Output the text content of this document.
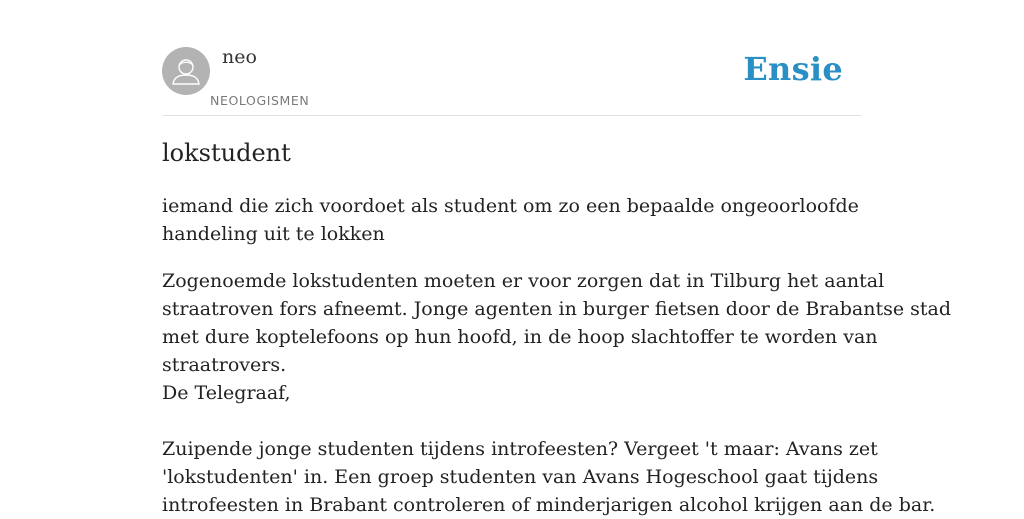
neo
NEOLOGISMEN
Ensie
lokstudent

iemand die zich voordoet als student om zo een bepaalde ongeoorloofde
handeling uit te lokken

Zogenoemde lokstudenten moeten er voor zorgen dat in Tilburg het aantal
straatroven fors afneemt. Jonge agenten in burger fietsen door de Brabantse stad
met dure koptelefoons op hun hoofd, in de hoop slachtoffer te worden van
straatrovers.
De Telegraaf,
Zuipende jonge studenten tijdens introfeesten? Vergeet 't maar: Avans zet
'lokstudenten' in. Een groep studenten van Avans Hogeschool gaat tijdens
introfeesten in Brabant controleren of minderjarigen alcohol krijgen aan de bar.
